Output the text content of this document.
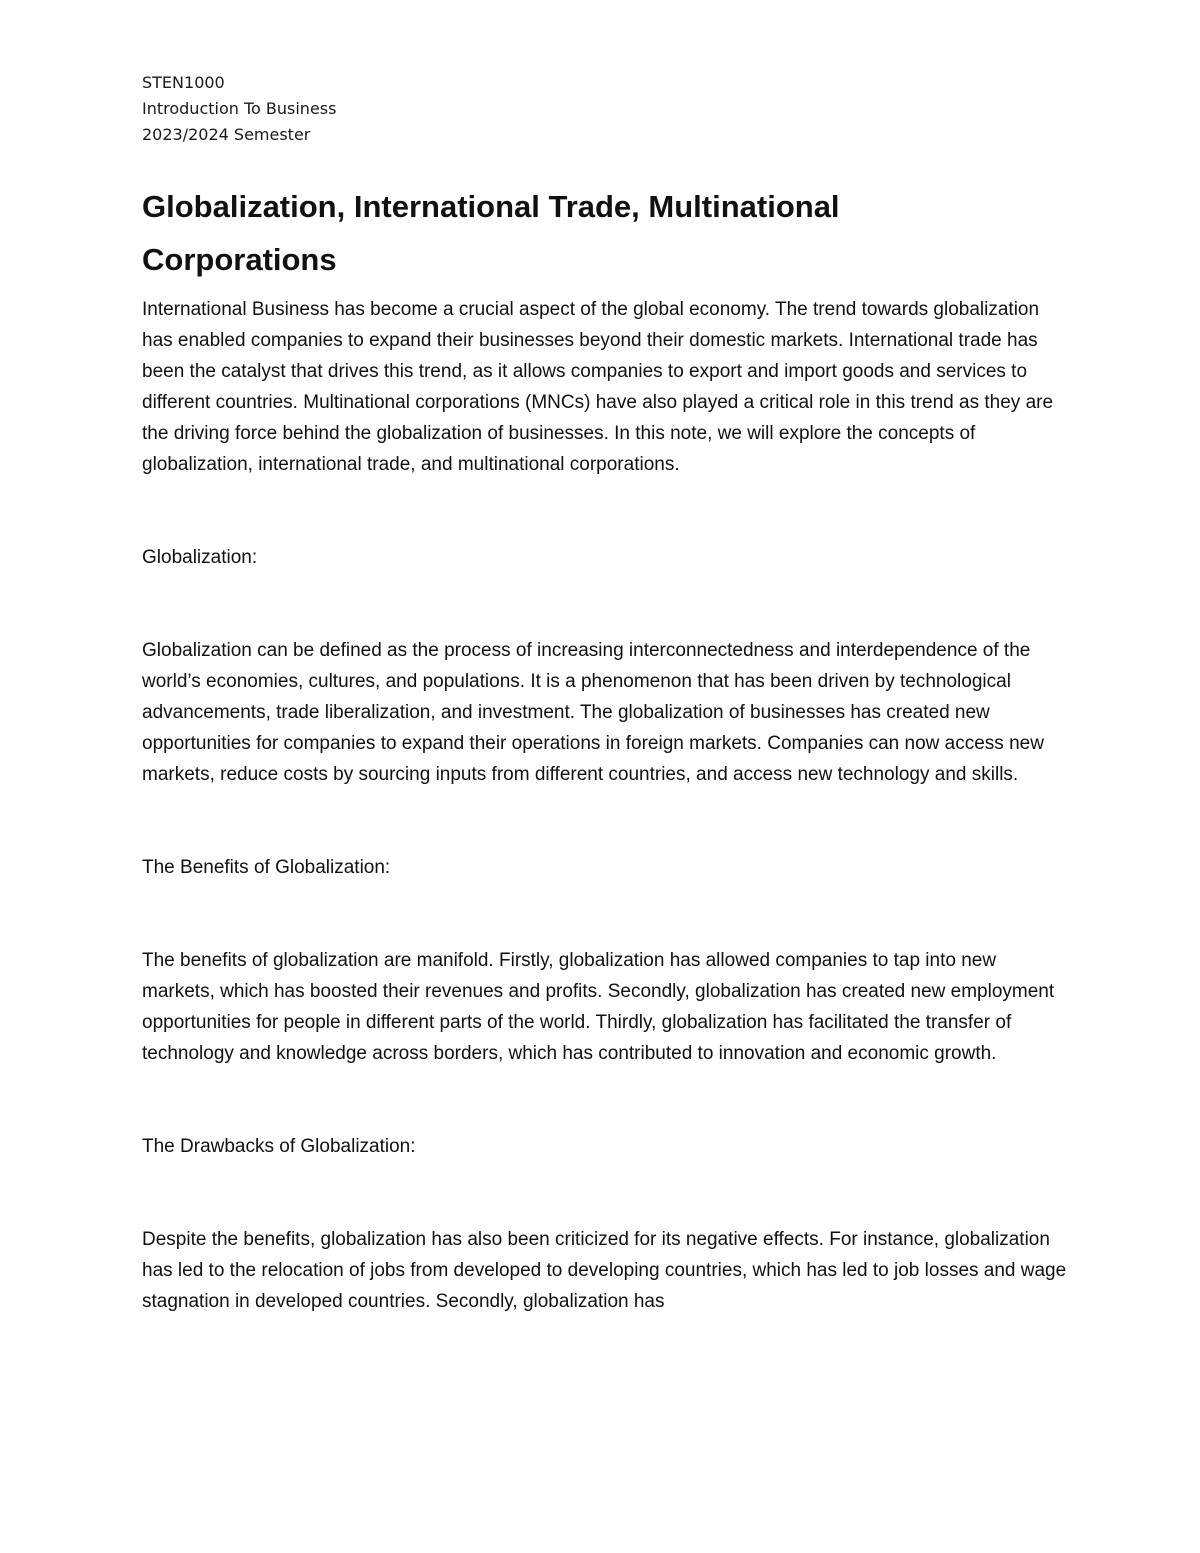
STEN1000

Introduction To Business

2023/2024 Semester

Globalization, International Trade, Multinational Corporations

International Business has become a crucial aspect of the global economy. The trend towards globalization has enabled companies to expand their businesses beyond their domestic markets. International trade has been the catalyst that drives this trend, as it allows companies to export and import goods and services to different countries. Multinational corporations (MNCs) have also played a critical role in this trend as they are the driving force behind the globalization of businesses. In this note, we will explore the concepts of globalization, international trade, and multinational corporations.

Globalization:

Globalization can be defined as the process of increasing interconnectedness and interdependence of the world’s economies, cultures, and populations. It is a phenomenon that has been driven by technological advancements, trade liberalization, and investment. The globalization of businesses has created new opportunities for companies to expand their operations in foreign markets. Companies can now access new markets, reduce costs by sourcing inputs from different countries, and access new technology and skills.

The Benefits of Globalization:

The benefits of globalization are manifold. Firstly, globalization has allowed companies to tap into new markets, which has boosted their revenues and profits. Secondly, globalization has created new employment opportunities for people in different parts of the world. Thirdly, globalization has facilitated the transfer of technology and knowledge across borders, which has contributed to innovation and economic growth.

The Drawbacks of Globalization:

Despite the benefits, globalization has also been criticized for its negative effects. For instance, globalization has led to the relocation of jobs from developed to developing countries, which has led to job losses and wage stagnation in developed countries. Secondly, globalization has
